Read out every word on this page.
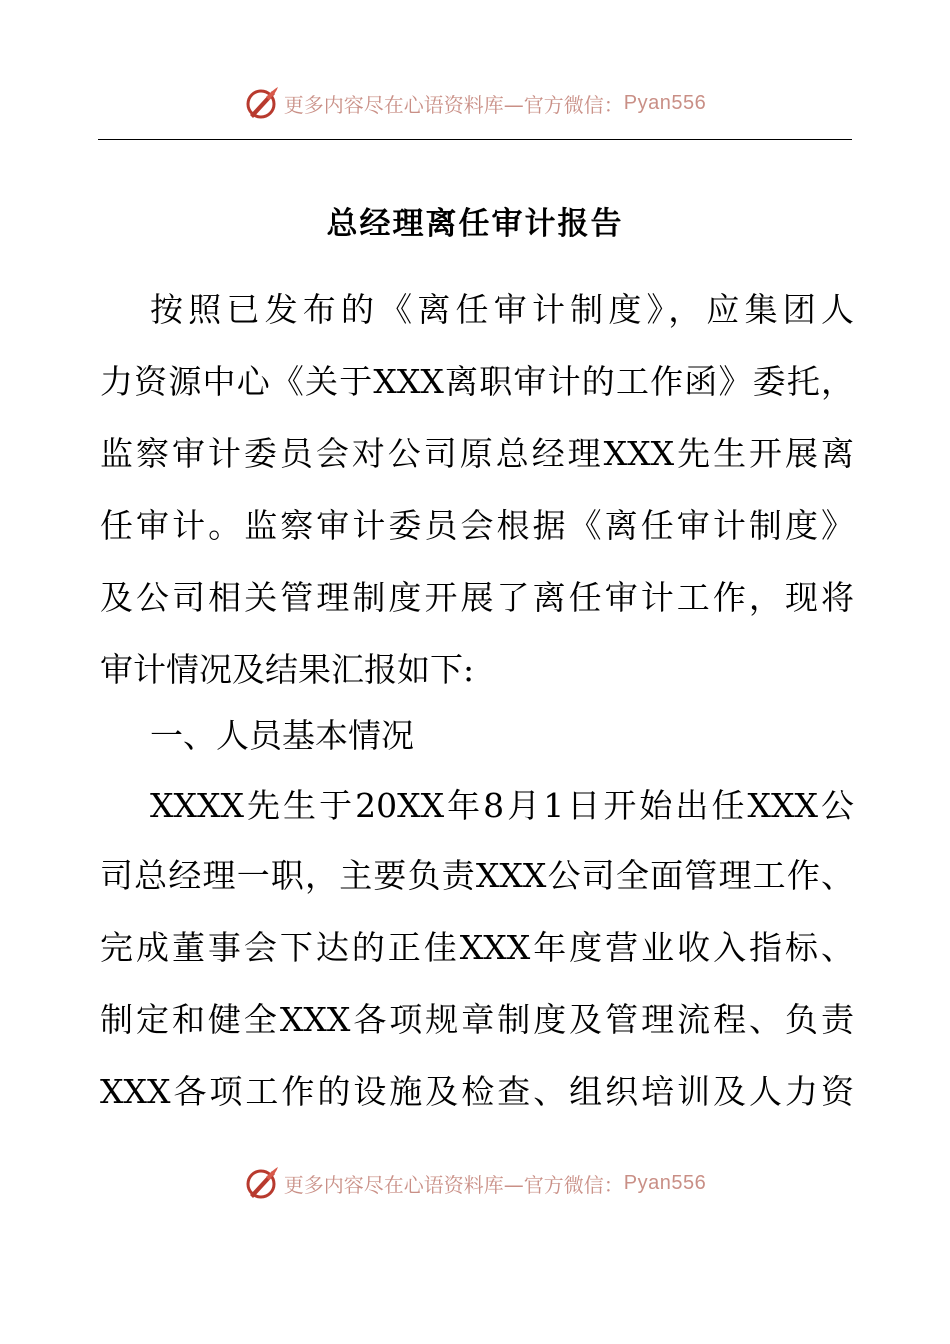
更多内容尽在心语资料库—官方微信： Pyan556
总经理离任审计报告
按照已发布的《离任审计制度》，应集团人
力资源中心《关于XXX离职审计的工作函》委托，
监察审计委员会对公司原总经理XXX先生开展离
任审计。监察审计委员会根据《离任审计制度》
及公司相关管理制度开展了离任审计工作，现将
审计情况及结果汇报如下:
一、人员基本情况
XXXX先生于20XX年8月1日开始出任XXX公
司总经理一职，主要负责XXX公司全面管理工作、
完成董事会下达的正佳XXX年度营业收入指标、
制定和健全XXX各项规章制度及管理流程、负责
XXX各项工作的设施及检查、组织培训及人力资
更多内容尽在心语资料库—官方微信： Pyan556
